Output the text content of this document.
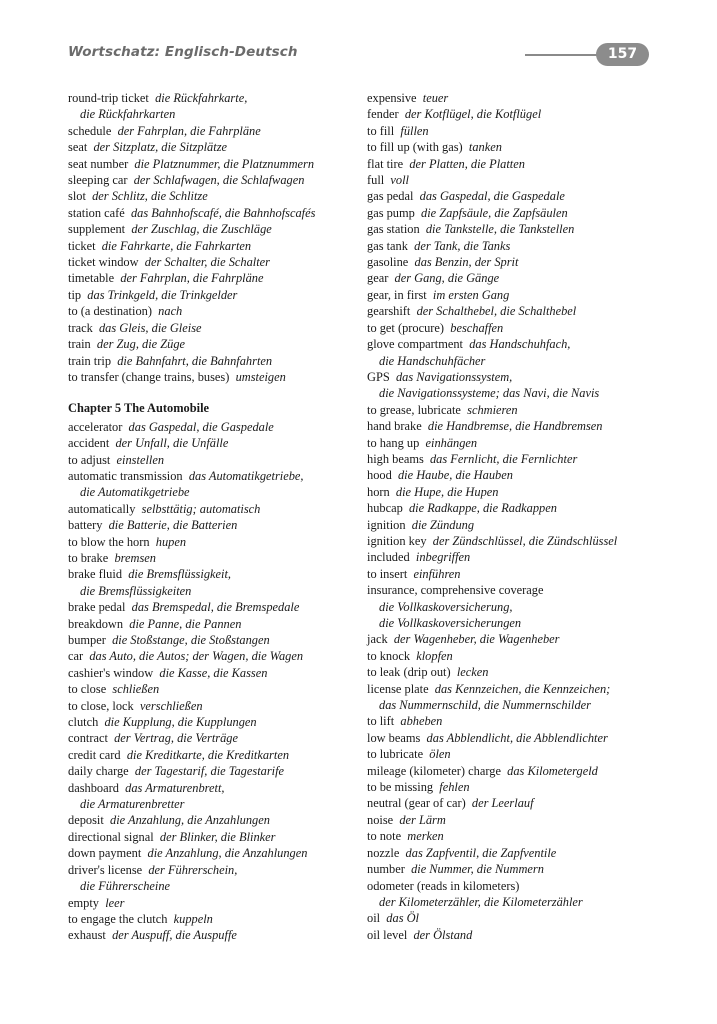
Wortschatz: Englisch-Deutsch	157
round-trip ticket  die Rückfahrkarte,
die Rückfahrkarten
schedule  der Fahrplan, die Fahrpläne
seat  der Sitzplatz, die Sitzplätze
seat number  die Platznummer, die Platznummern
sleeping car  der Schlafwagen, die Schlafwagen
slot  der Schlitz, die Schlitze
station café  das Bahnhofscafé, die Bahnhofscafés
supplement  der Zuschlag, die Zuschläge
ticket  die Fahrkarte, die Fahrkarten
ticket window  der Schalter, die Schalter
timetable  der Fahrplan, die Fahrpläne
tip  das Trinkgeld, die Trinkgelder
to (a destination)  nach
track  das Gleis, die Gleise
train  der Zug, die Züge
train trip  die Bahnfahrt, die Bahnfahrten
to transfer (change trains, buses)  umsteigen
Chapter 5 The Automobile
accelerator  das Gaspedal, die Gaspedale
accident  der Unfall, die Unfälle
to adjust  einstellen
automatic transmission  das Automatikgetriebe,
die Automatikgetriebe
automatically  selbsttätig; automatisch
battery  die Batterie, die Batterien
to blow the horn  hupen
to brake  bremsen
brake fluid  die Bremsflüssigkeit,
die Bremsflüssigkeiten
brake pedal  das Bremspedal, die Bremspedale
breakdown  die Panne, die Pannen
bumper  die Stoßstange, die Stoßstangen
car  das Auto, die Autos; der Wagen, die Wagen
cashier's window  die Kasse, die Kassen
to close  schließen
to close, lock  verschließen
clutch  die Kupplung, die Kupplungen
contract  der Vertrag, die Verträge
credit card  die Kreditkarte, die Kreditkarten
daily charge  der Tagestarif, die Tagestarife
dashboard  das Armaturenbrett,
die Armaturenbretter
deposit  die Anzahlung, die Anzahlungen
directional signal  der Blinker, die Blinker
down payment  die Anzahlung, die Anzahlungen
driver's license  der Führerschein,
die Führerscheine
empty  leer
to engage the clutch  kuppeln
exhaust  der Auspuff, die Auspuffe
expensive  teuer
fender  der Kotflügel, die Kotflügel
to fill  füllen
to fill up (with gas)  tanken
flat tire  der Platten, die Platten
full  voll
gas pedal  das Gaspedal, die Gaspedale
gas pump  die Zapfsäule, die Zapfsäulen
gas station  die Tankstelle, die Tankstellen
gas tank  der Tank, die Tanks
gasoline  das Benzin, der Sprit
gear  der Gang, die Gänge
gear, in first  im ersten Gang
gearshift  der Schalthebel, die Schalthebel
to get (procure)  beschaffen
glove compartment  das Handschuhfach,
die Handschuhfächer
GPS  das Navigationssystem,
die Navigationssysteme; das Navi, die Navis
to grease, lubricate  schmieren
hand brake  die Handbremse, die Handbremsen
to hang up  einhängen
high beams  das Fernlicht, die Fernlichter
hood  die Haube, die Hauben
horn  die Hupe, die Hupen
hubcap  die Radkappe, die Radkappen
ignition  die Zündung
ignition key  der Zündschlüssel, die Zündschlüssel
included  inbegriffen
to insert  einführen
insurance, comprehensive coverage
die Vollkaskoversicherung,
die Vollkaskoversicherungen
jack  der Wagenheber, die Wagenheber
to knock  klopfen
to leak (drip out)  lecken
license plate  das Kennzeichen, die Kennzeichen;
das Nummernschild, die Nummernschilder
to lift  abheben
low beams  das Abblendlicht, die Abblendlichter
to lubricate  ölen
mileage (kilometer) charge  das Kilometergeld
to be missing  fehlen
neutral (gear of car)  der Leerlauf
noise  der Lärm
to note  merken
nozzle  das Zapfventil, die Zapfventile
number  die Nummer, die Nummern
odometer (reads in kilometers)
der Kilometerzähler, die Kilometerzähler
oil  das Öl
oil level  der Ölstand
